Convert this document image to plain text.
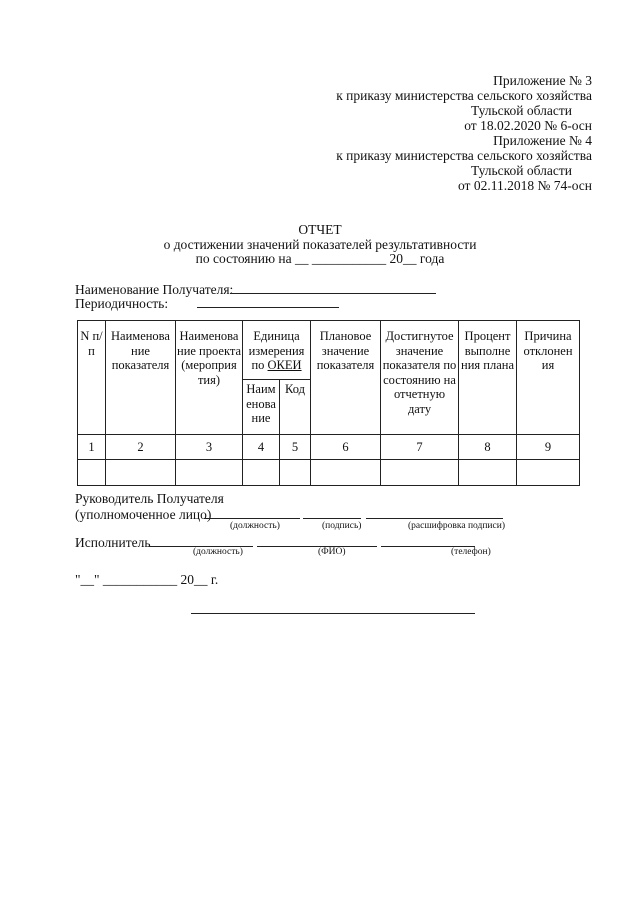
Приложение № 3
к приказу министерства сельского хозяйства
Тульской области
от 18.02.2020 № 6-осн
Приложение № 4
к приказу министерства сельского хозяйства
Тульской области
от 02.11.2018 № 74-осн
ОТЧЕТ
о достижении значений показателей результативности
по состоянию на __ ___________ 20__ года
Наименование Получателя:
Периодичность:
N п/п	Наименова ние показателя	Наименова ние проекта (мероприя тия)	Единица измерения по ОКЕИ		Плановое значение показателя	Достигнутое значение показателя по состоянию на отчетную дату	Процент выполне ния плана	Причина отклонен ия
			Наим енова ние	Код				
1	2	3	4	5	6	7	8	9

Руководитель Получателя
(уполномоченное лицо)
(должность)	(подпись)	(расшифровка подписи)
Исполнитель
(должность)	(ФИО)	(телефон)
"__" ___________ 20__ г.
